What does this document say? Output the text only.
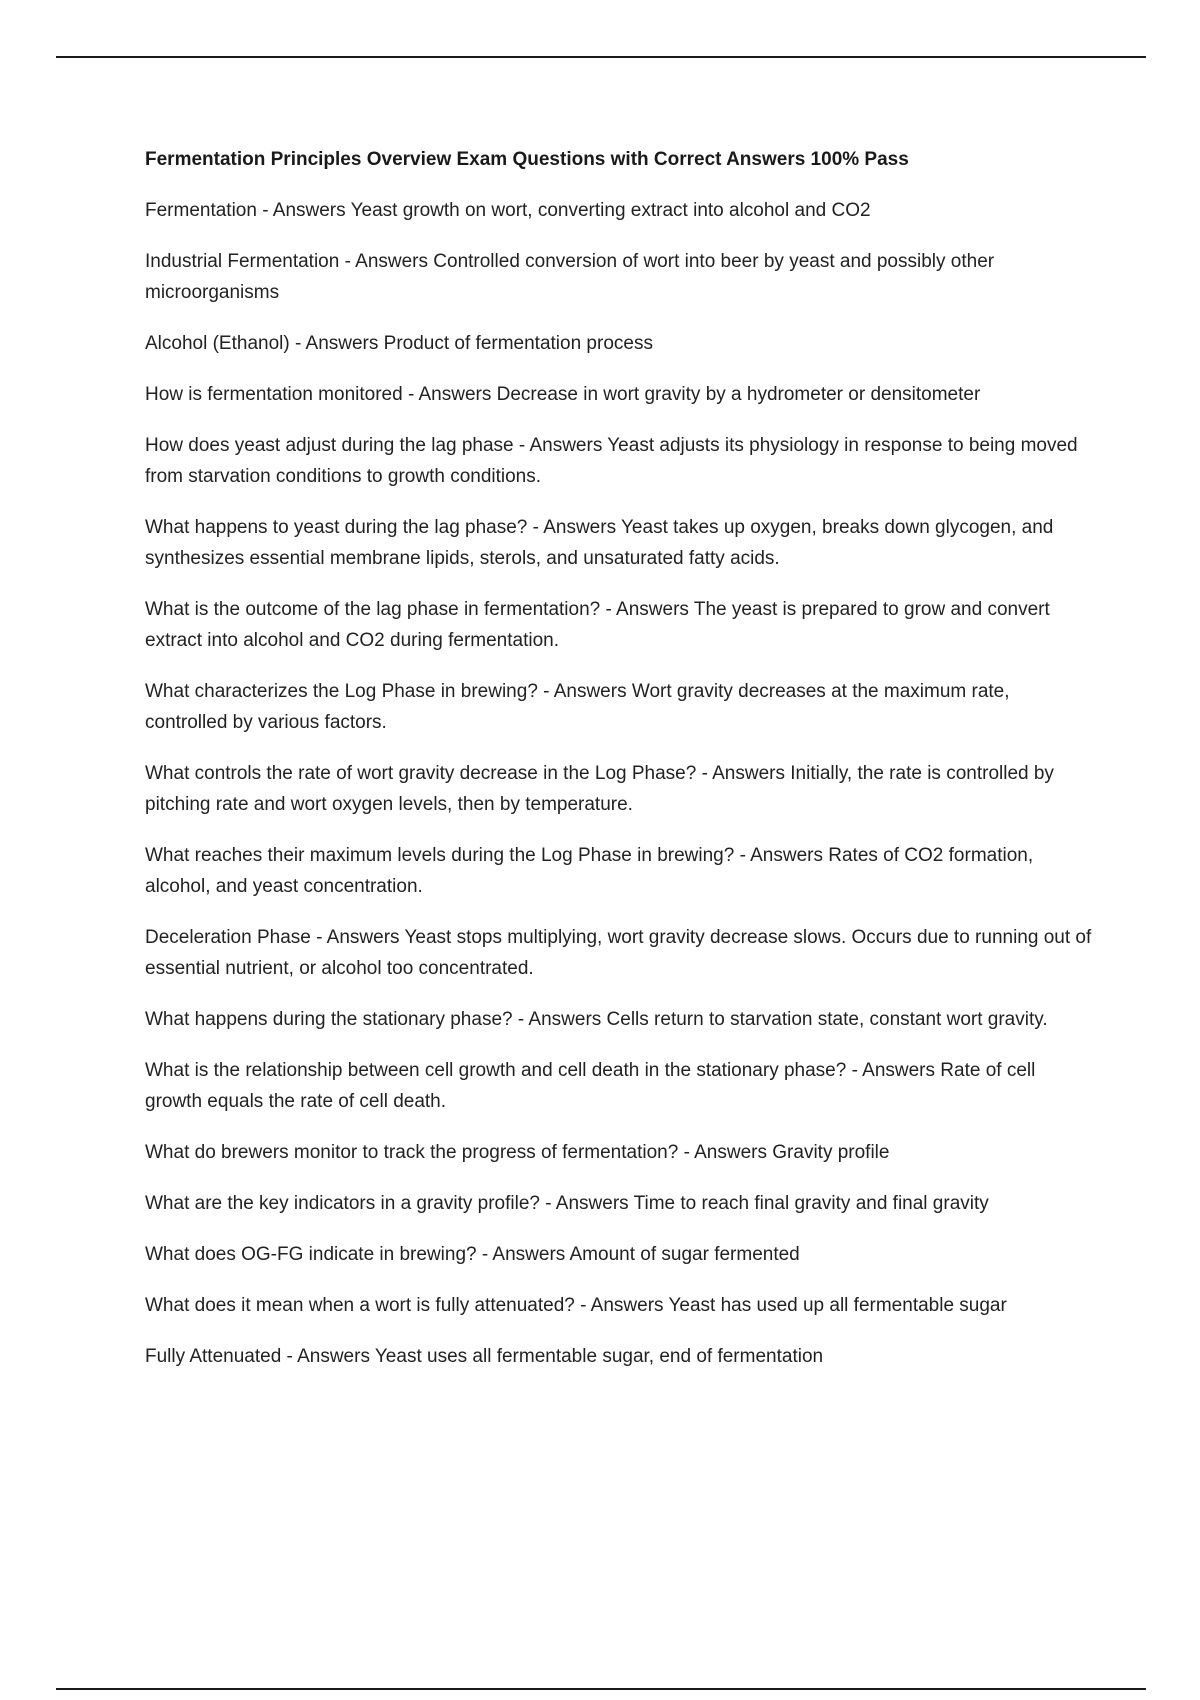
Fermentation Principles Overview Exam Questions with Correct Answers 100% Pass
Fermentation - Answers Yeast growth on wort, converting extract into alcohol and CO2
Industrial Fermentation - Answers Controlled conversion of wort into beer by yeast and possibly other microorganisms
Alcohol (Ethanol) - Answers Product of fermentation process
How is fermentation monitored - Answers Decrease in wort gravity by a hydrometer or densitometer
How does yeast adjust during the lag phase - Answers Yeast adjusts its physiology in response to being moved from starvation conditions to growth conditions.
What happens to yeast during the lag phase? - Answers Yeast takes up oxygen, breaks down glycogen, and synthesizes essential membrane lipids, sterols, and unsaturated fatty acids.
What is the outcome of the lag phase in fermentation? - Answers The yeast is prepared to grow and convert extract into alcohol and CO2 during fermentation.
What characterizes the Log Phase in brewing? - Answers Wort gravity decreases at the maximum rate, controlled by various factors.
What controls the rate of wort gravity decrease in the Log Phase? - Answers Initially, the rate is controlled by pitching rate and wort oxygen levels, then by temperature.
What reaches their maximum levels during the Log Phase in brewing? - Answers Rates of CO2 formation, alcohol, and yeast concentration.
Deceleration Phase - Answers Yeast stops multiplying, wort gravity decrease slows. Occurs due to running out of essential nutrient, or alcohol too concentrated.
What happens during the stationary phase? - Answers Cells return to starvation state, constant wort gravity.
What is the relationship between cell growth and cell death in the stationary phase? - Answers Rate of cell growth equals the rate of cell death.
What do brewers monitor to track the progress of fermentation? - Answers Gravity profile
What are the key indicators in a gravity profile? - Answers Time to reach final gravity and final gravity
What does OG-FG indicate in brewing? - Answers Amount of sugar fermented
What does it mean when a wort is fully attenuated? - Answers Yeast has used up all fermentable sugar
Fully Attenuated - Answers Yeast uses all fermentable sugar, end of fermentation
